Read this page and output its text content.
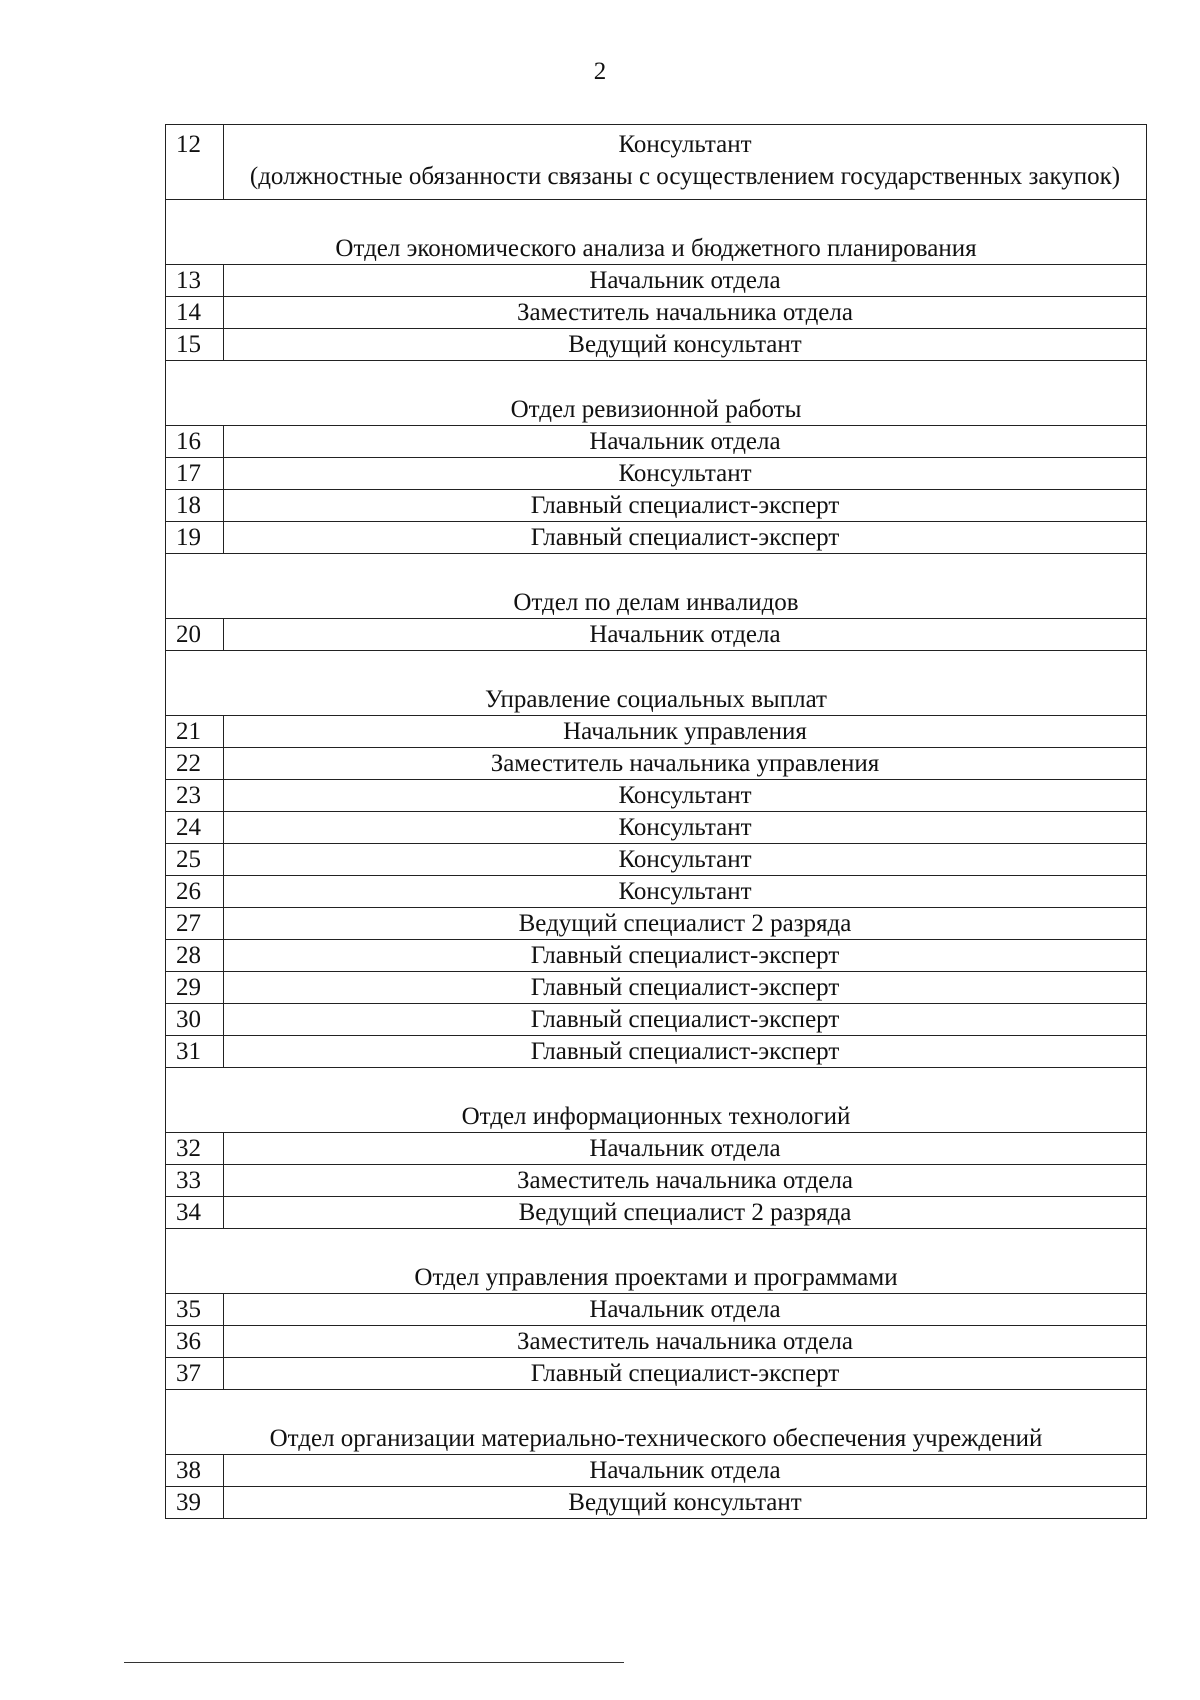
2
12	Консультант
(должностные обязанности связаны с осуществлением государственных закупок)

Отдел экономического анализа и бюджетного планирования	
13	Начальник отдела
14	Заместитель начальника отдела
15	Ведущий консультант
Отдел ревизионной работы	
16	Начальник отдела
17	Консультант
18	Главный специалист-эксперт
19	Главный специалист-эксперт
Отдел по делам инвалидов	
20	Начальник отдела
Управление социальных выплат	
21	Начальник управления
22	Заместитель начальника управления
23	Консультант
24	Консультант
25	Консультант
26	Консультант
27	Ведущий специалист 2 разряда
28	Главный специалист-эксперт
29	Главный специалист-эксперт
30	Главный специалист-эксперт
31	Главный специалист-эксперт
Отдел информационных технологий	
32	Начальник отдела
33	Заместитель начальника отдела
34	Ведущий специалист 2 разряда
Отдел управления проектами и программами	
35	Начальник отдела
36	Заместитель начальника отдела
37	Главный специалист-эксперт
Отдел организации материально-технического обеспечения учреждений	
38	Начальник отдела
39	Ведущий консультант
